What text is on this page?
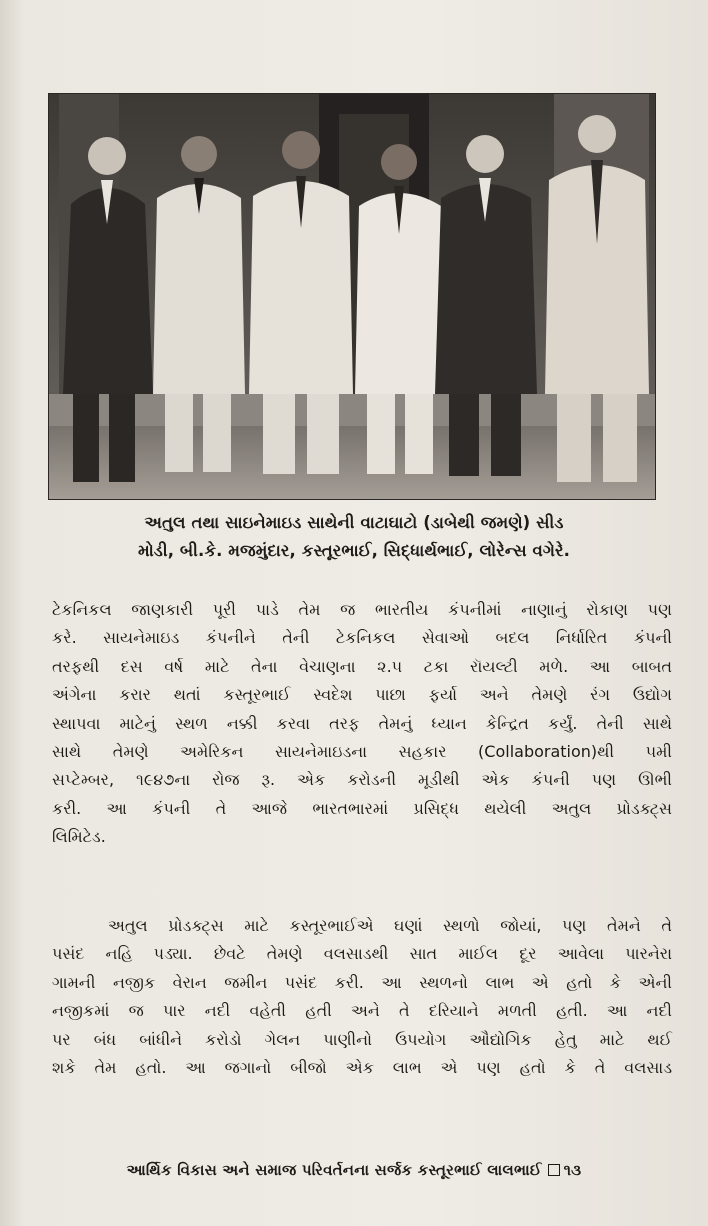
અતુલ તથા સાઇનેમાઇડ સાથેની વાટાઘાટો (ડાબેથી જમણે) સીડ
મોડી, બી.કે. મજમુંદાર, કસ્તૂરભાઈ, સિદ્ધાર્થભાઈ, લોરેન્સ વગેરે.
ટેકનિકલ જાણકારી પૂરી પાડે તેમ જ ભારતીય કંપનીમાં નાણાનું રોકાણ પણ
કરે. સાયનેમાઇડ કંપનીને તેની ટેકનિકલ સેવાઓ બદલ નિર્ધારિત કંપની
તરફથી દસ વર્ષ માટે તેના વેચાણના ૨.૫ ટકા રૉયલ્ટી મળે. આ બાબત
અંગેના કરાર થતાં કસ્તૂરભાઈ સ્વદેશ પાછા ફર્યા અને તેમણે રંગ ઉદ્યોગ
સ્થાપવા માટેનું સ્થળ નક્કી કરવા તરફ તેમનું ધ્યાન કેન્દ્રિત કર્યું. તેની સાથે
સાથે તેમણે અમેરિકન સાયનેમાઇડના સહકાર (Collaboration)થી ૫મી
સપ્ટેમ્બર, ૧૯૪૭ના રોજ રૂ. એક કરોડની મૂડીથી એક કંપની પણ ઊભી
કરી. આ કંપની તે આજે ભારતભારમાં પ્રસિદ્ધ થયેલી અતુલ પ્રોડક્ટ્સ
લિમિટેડ.
અતુલ પ્રોડક્ટ્સ માટે કસ્તૂરભાઈએ ઘણાં સ્થળો જોયાં, પણ તેમને તે
પસંદ નહિ પડ્યા. છેવટે તેમણે વલસાડથી સાત માઈલ દૂર આવેલા પારનેરા
ગામની નજીક વેરાન જમીન પસંદ કરી. આ સ્થળનો લાભ એ હતો કે એની
નજીકમાં જ પાર નદી વહેતી હતી અને તે દરિયાને મળતી હતી. આ નદી
પર બંધ બાંધીને કરોડો ગેલન પાણીનો ઉપયોગ ઔદ્યોગિક હેતુ માટે થઈ
શકે તેમ હતો. આ જગાનો બીજો એક લાભ એ પણ હતો કે તે વલસાડ
આર્થિક વિકાસ અને સમાજ પરિવર્તનના સર્જક કસ્તૂરભાઈ લાલભાઈ ૧૩
